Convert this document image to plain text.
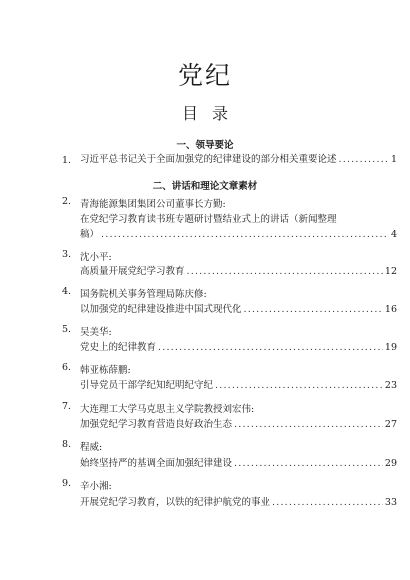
党纪
目录
一、领导要论
1. 习近平总书记关于全面加强党的纪律建设的部分相关重要论述 .....	1
二、讲话和理论文章素材
2. 青海能源集团集团公司董事长方勤:
在党纪学习教育读书班专题研讨暨结业式上的讲话（新闻整理
稿） .....	4
3. 沈小平:
高质量开展党纪学习教育 .....	12
4. 国务院机关事务管理局陈庆修:
以加强党的纪律建设推进中国式现代化 .....	16
5. 吴美华:
党史上的纪律教育 .....	19
6. 韩亚栋薛鹏:
引导党员干部学纪知纪明纪守纪 .....	23
7. 大连理工大学马克思主义学院教授刘宏伟:
加强党纪学习教育营造良好政治生态 .....	27
8. 程威:
始终坚持严的基调全面加强纪律建设 .....	29
9. 辛小湘:
开展党纪学习教育，以铁的纪律护航党的事业 .....	33
